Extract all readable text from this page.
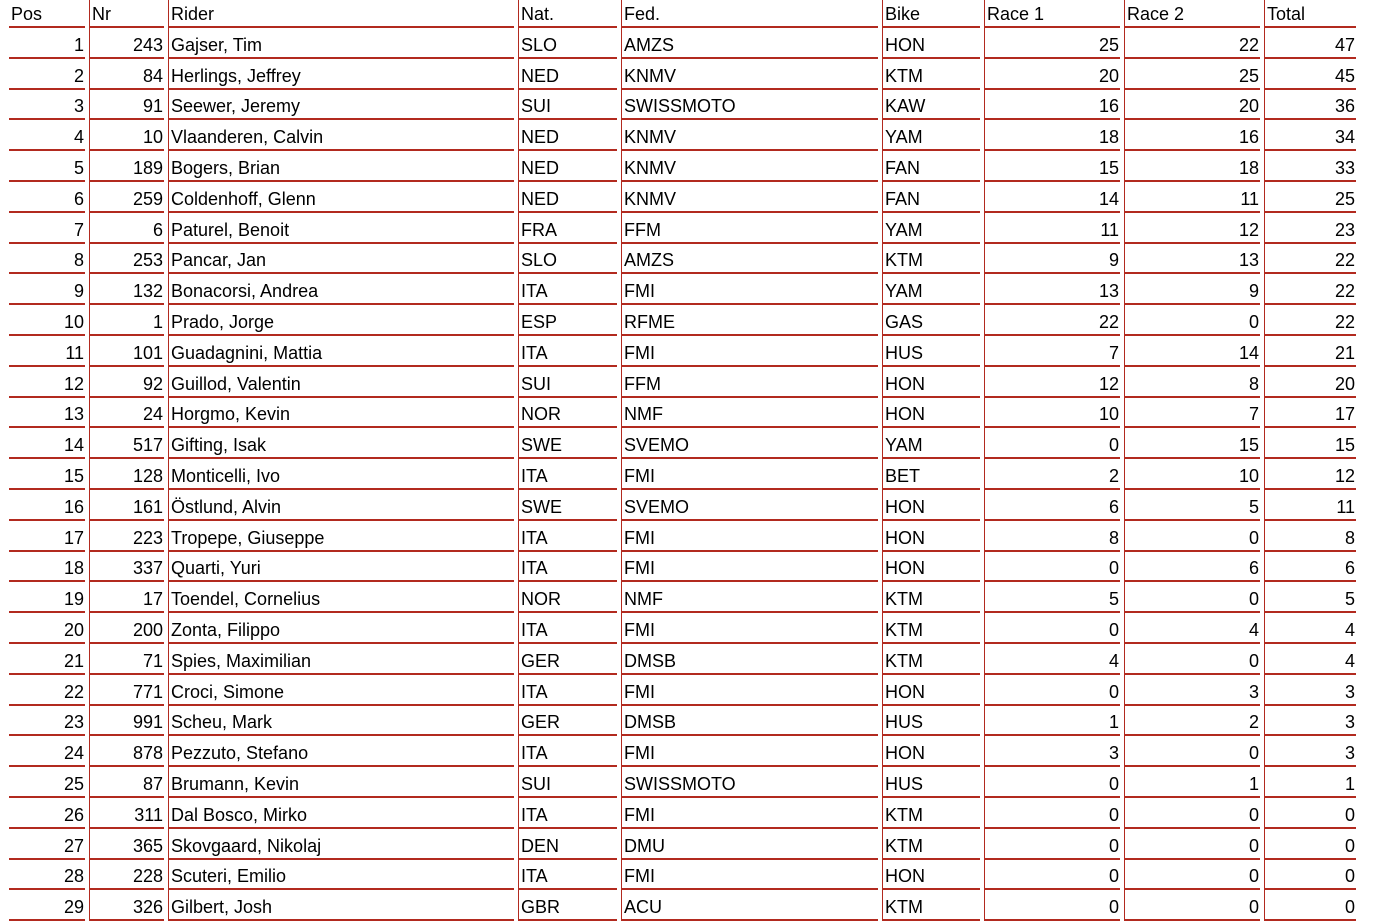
Pos	Nr	Rider	Nat.	Fed.	Bike	Race 1	Race 2	Total
1	243	Gajser, Tim	SLO	AMZS	HON	25	22	47
2	84	Herlings, Jeffrey	NED	KNMV	KTM	20	25	45
3	91	Seewer, Jeremy	SUI	SWISSMOTO	KAW	16	20	36
4	10	Vlaanderen, Calvin	NED	KNMV	YAM	18	16	34
5	189	Bogers, Brian	NED	KNMV	FAN	15	18	33
6	259	Coldenhoff, Glenn	NED	KNMV	FAN	14	11	25
7	6	Paturel, Benoit	FRA	FFM	YAM	11	12	23
8	253	Pancar, Jan	SLO	AMZS	KTM	9	13	22
9	132	Bonacorsi, Andrea	ITA	FMI	YAM	13	9	22
10	1	Prado, Jorge	ESP	RFME	GAS	22	0	22
11	101	Guadagnini, Mattia	ITA	FMI	HUS	7	14	21
12	92	Guillod, Valentin	SUI	FFM	HON	12	8	20
13	24	Horgmo, Kevin	NOR	NMF	HON	10	7	17
14	517	Gifting, Isak	SWE	SVEMO	YAM	0	15	15
15	128	Monticelli, Ivo	ITA	FMI	BET	2	10	12
16	161	Östlund, Alvin	SWE	SVEMO	HON	6	5	11
17	223	Tropepe, Giuseppe	ITA	FMI	HON	8	0	8
18	337	Quarti, Yuri	ITA	FMI	HON	0	6	6
19	17	Toendel, Cornelius	NOR	NMF	KTM	5	0	5
20	200	Zonta, Filippo	ITA	FMI	KTM	0	4	4
21	71	Spies, Maximilian	GER	DMSB	KTM	4	0	4
22	771	Croci, Simone	ITA	FMI	HON	0	3	3
23	991	Scheu, Mark	GER	DMSB	HUS	1	2	3
24	878	Pezzuto, Stefano	ITA	FMI	HON	3	0	3
25	87	Brumann, Kevin	SUI	SWISSMOTO	HUS	0	1	1
26	311	Dal Bosco, Mirko	ITA	FMI	KTM	0	0	0
27	365	Skovgaard, Nikolaj	DEN	DMU	KTM	0	0	0
28	228	Scuteri, Emilio	ITA	FMI	HON	0	0	0
29	326	Gilbert, Josh	GBR	ACU	KTM	0	0	0
